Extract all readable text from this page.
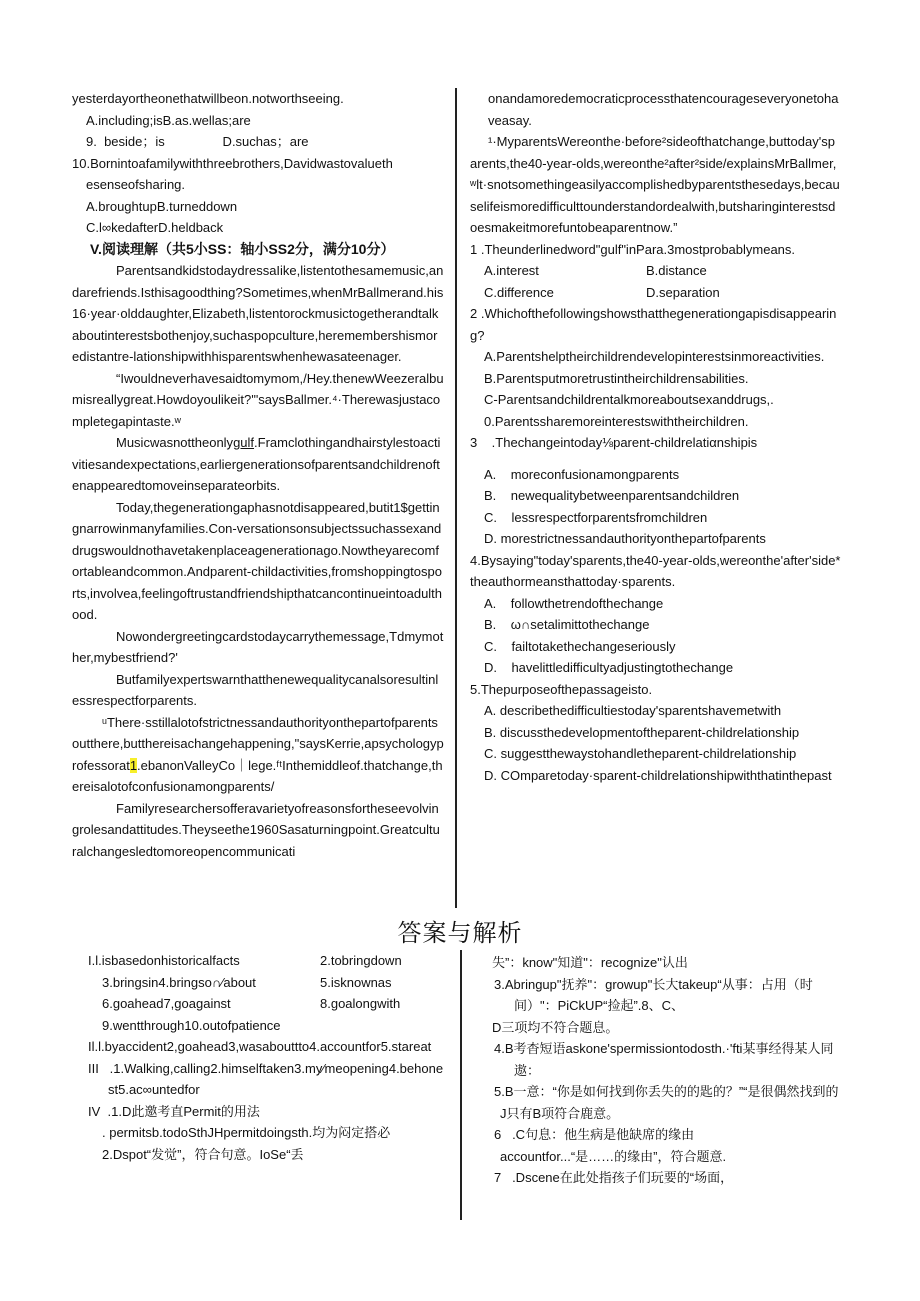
yesterdayortheonethatwillbeon.notworthseeing.
A.including;isB.as.wellas;are
9.  beside；is                D.suchas；are
10.Bornintoafamilywiththreebrothers,Davidwastovalueth
esenseofsharing.
A.broughtupB.turneddown
C.l∞kedafterD.heldback
V.阅读理解（共5小SS：轴小SS2分，满分10分）
ParentsandkidstodaydressaIike,listentothesamemusic,andarefriends.Isthisagoodthing?Sometimes,whenMrBallmerand.his16·year·olddaughter,Elizabeth,listentorockmusictogetherandtalkaboutinterestsbothenjoy,suchaspopculture,heremembershismoredistantre-lationshipwithhisparentswhenhewasateenager.
“Iwouldneverhavesaidtomymom,/Hey.thenewWeezeralbumisreallygreat.Howdoyoulikeit?'"saysBallmer.⁴·Therewasjustacompletegapintaste.ʷ
Musicwasnottheonlygulf.Framclothingandhairstylestoactivitiesandexpectations,earliergenerationsofparentsandchildrenoftenappearedtomoveinseparateorbits.
Today,thegenerationgaphasnotdisappeared,butit1$gettingnarrowinmanyfamilies.Con-versationsonsubjectssuchassexanddrugswouldnothavetakenplaceageneratioпago.Nowtheyarecomfortableandcommon.Andparent-childactivities,fromshoppingtosports,involvea,feelingoftrustandfriendshipthatcancontinueintoadulthood.
Nowondergreetingcardstodaycarrythemessage,Tdmymother,mybestfriend?'
Butfamilyexpertswarnthatthenewequalitycanalsoresultinlessrespectforparents.
ᵘThere·sstillalotofstrictnessandauthorityonthepartofparentsoutthere,butthereisachangehappening,"saysKerrie,apsychologyprofessorat1.ebanonValleyCo｜lege.ᶠᵗInthemiddleof.thatchange,thereisalotofconfusionamongparents/
Familyresearchersofferavarietyofreasonsfortheseevolvingrolesandattitudes.Theyseethe1960Sasaturningpoint.Greatculturalchangesledtomoreopencommunicati
onandamoredemocraticprocessthatencourageseveryonetohaveasay.
¹·MyparentsWereonthe·before²sideofthatchange,buttoday'sparents,the40-year-olds,wereonthe²after²side/explainsMrBallmer,ʷlt·snotsomethingeasilyaccomplishedbyparentsthesedays,becauselifeismoredifficulttounderstandordealwith,butsharinginterestsdoesmakeitmorefuntobeaparentnow.”
1 .Theunderlinedword"gulf"inPara.3mostprobablymeans.
A.interest	B.distance
C.difference	D.separation
2 .Whichofthefollowingshowsthatthegenerationgapisdisappearing?
A.Parentshelptheirchildrendevelopinterestsinmoreactivities.
B.Parentsputmoretrustintheirchildrensabilities.
C-Parentsandchildrentalkmoreaboutsexanddrugs,.
0.Parentssharemoreinterestswiththeirchildren.
3    .Thechangeintoday⅛parent-childrelatiαnshipis
A.    moreconfusionamongparents
B.    newequalitybetweenparentsandchildren
C.    lessrespectforparentsfromchildren
D. morestrictnessandauthorityonthepartofparents
4.Bysaying"today'sparents,the40-year-olds,wereonthe'after'side*theauthormeansthattoday·sparents.
A.    followthetrendofthechange
B.    ω∩setalimittothechange
C.    failtotakethechangeseriously
D.    havelittledifficultyadjustingtothechange
5.Thepurposeofthepassageisto.
A. describethedifficultiestoday'sparentshavemetwith
B. discussthedevelopmentoftheparent-childrelationship
C. suggestthewaystohandletheparent-childrelationship
D. COmparetoday·sparent-childrelationshipwiththatinthepast
答案与解析
I.l.isbasedonhistoricalfacts	2.tobringdown
3.bringsin4.bringso∩∕about	5.isknownas
6.goahead7,goagainst	8.goalongwith
9.wentthrough10.outofpatience
Il.l.byaccident2,goahead3,wasabouttto4.accountfor5.stareat
III   .1.Walking,calling2.himselftaken3.my⁄meopening4.behonest5.ac∞untedfor
IV  .1.D此邀考直Permit的用法
. permitsb.todoSthJHpermitdoingsth.均为闷定搭必
2.Dspot“发觉”，符合句意。IoSe“丢
失”：know"知道"：recognize"认出
3.Abringup"抚养"：growup"长大takeup“从事：占用（时间）"：PiCkUP“捡起”.8、C、
D三项均不符合题息。
4.B考杳短语askone'spermissiontodosth.·'fti某事经得某人同遨：
5.B一意：“你是如何找到你丢失的的匙的？”“是很偶然找到的J只有B项符合鹿意。
6   .C句息：他生病是他缺席的缘由
accountfor...“是……的缘由”，符合题意.
7   .Dscene在此处指孩子们玩要的“场面，
